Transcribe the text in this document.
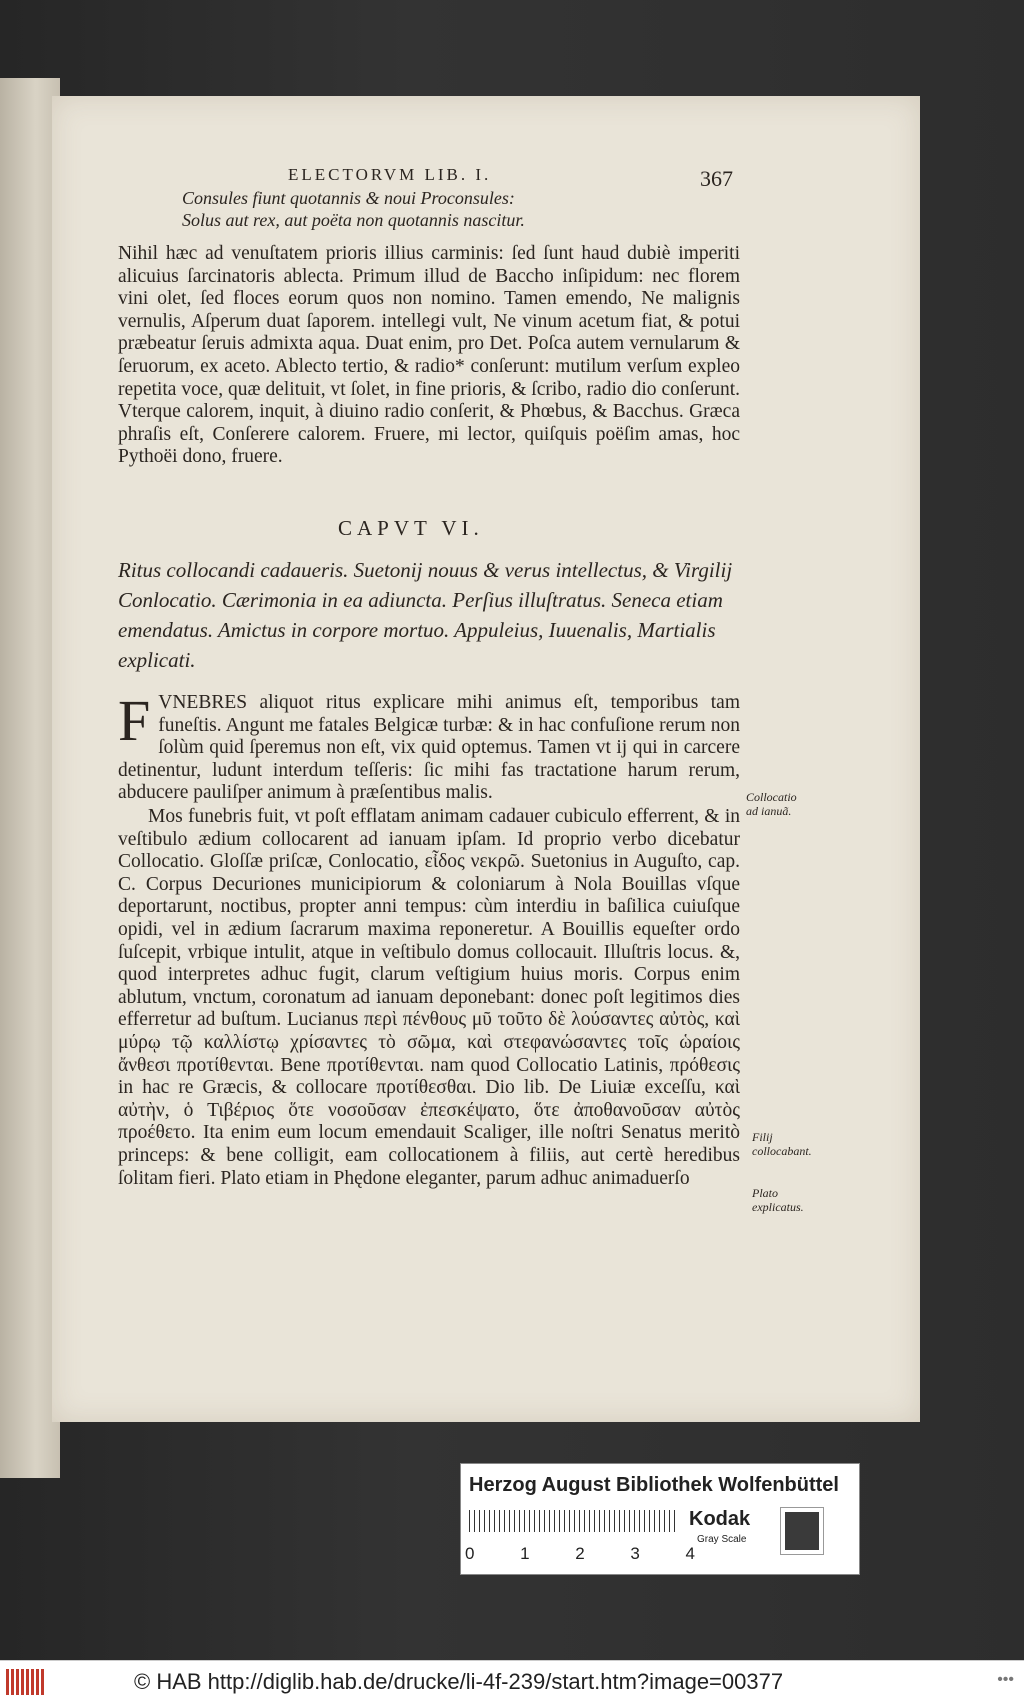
ELECTORVM LIB. I.	367
Consules fiunt quotannis & noui Proconsules:
Solus aut rex, aut poëta non quotannis nascitur.

Nihil hæc ad venuſtatem prioris illius carminis: ſed ſunt haud dubiè imperiti alicuius ſarcinatoris ablecta. Primum illud de Baccho inſipidum: nec florem vini olet, ſed floces eorum quos non nomino. Tamen emendo, Ne malignis vernulis, Aſperum duat ſaporem. intellegi vult, Ne vinum acetum fiat, & potui præbeatur ſeruis admixta aqua. Duat enim, pro Det. Poſca autem vernularum & ſeruorum, ex aceto. Ablecto tertio, & radio* conſerunt: mutilum verſum expleo repetita voce, quæ delituit, vt ſolet, in fine prioris, & ſcribo, radio dio conſerunt. Vterque calorem, inquit, à diuino radio conſerit, & Phœbus, & Bacchus. Græca phraſis eſt, Conſerere calorem. Fruere, mi lector, quiſquis poëſim amas, hoc Pythoëi dono, fruere.

CAPVT VI.

Ritus collocandi cadaueris. Suetonij nouus & verus intellectus, & Virgilij Conlocatio. Cærimonia in ea adiuncta. Perſius illuſtratus. Seneca etiam emendatus. Amictus in corpore mortuo. Appuleius, Iuuenalis, Martialis explicati.

F VNEBRES aliquot ritus explicare mihi animus eſt, temporibus tam funeſtis. Angunt me fatales Belgicæ turbæ: & in hac confuſione rerum non ſolùm quid ſperemus non eſt, vix quid optemus. Tamen vt ij qui in carcere detinentur, ludunt interdum teſſeris: ſic mihi fas tractatione harum rerum, abducere pauliſper animum à præſentibus malis.

Mos funebris fuit, vt poſt efflatam animam cadauer cubiculo efferrent, & in veſtibulo ædium collocarent ad ianuam ipſam. Id proprio verbo dicebatur Collocatio. Gloſſæ priſcæ, Conlocatio, εἶδος νεκρῶ. Suetonius in Auguſto, cap. C. Corpus Decuriones municipiorum & coloniarum à Nola Bouillas vſque deportarunt, noctibus, propter anni tempus: cùm interdiu in baſilica cuiuſque opidi, vel in ædium ſacrarum maxima reponeretur. A Bouillis equeſter ordo ſuſcepit, vrbique intulit, atque in veſtibulo domus collocauit. Illuſtris locus. &, quod interpretes adhuc fugit, clarum veſtigium huius moris. Corpus enim ablutum, vnctum, coronatum ad ianuam deponebant: donec poſt legitimos dies efferretur ad buſtum. Lucianus περὶ πένθους μῦ τοῦτο δὲ λούσαντες αὐτὸς, καὶ μύρῳ τῷ καλλίστῳ χρίσαντες τὸ σῶμα, καὶ στεφανώσαντες τοῖς ὡραίοις ἄνθεσι προτίθενται. Bene προτίθενται. nam quod Collocatio Latinis, πρόθεσις in hac re Græcis, & collocare προτίθεσθαι. Dio lib. De Liuiæ exceſſu, καὶ αὐτὴν, ὁ Τιβέριος ὅτε νοσοῦσαν ἐπεσκέψατο, ὅτε ἀποθανοῦσαν αὐτὸς προέθετο. Ita enim eum locum emendauit Scaliger, ille noſtri Senatus meritò princeps: & bene colligit, eam collocationem à filiis, aut certè heredibus ſolitam fieri. Plato etiam in Phędone eleganter, parum adhuc animaduerſo

Collocatio ad ianuã.
Filij collocabant.
Plato explicatus.
Herzog August Bibliothek Wolfenbüttel
0	1	2	3	4
Kodak
Gray Scale
© HAB http://diglib.hab.de/drucke/li-4f-239/start.htm?image=00377	•••
